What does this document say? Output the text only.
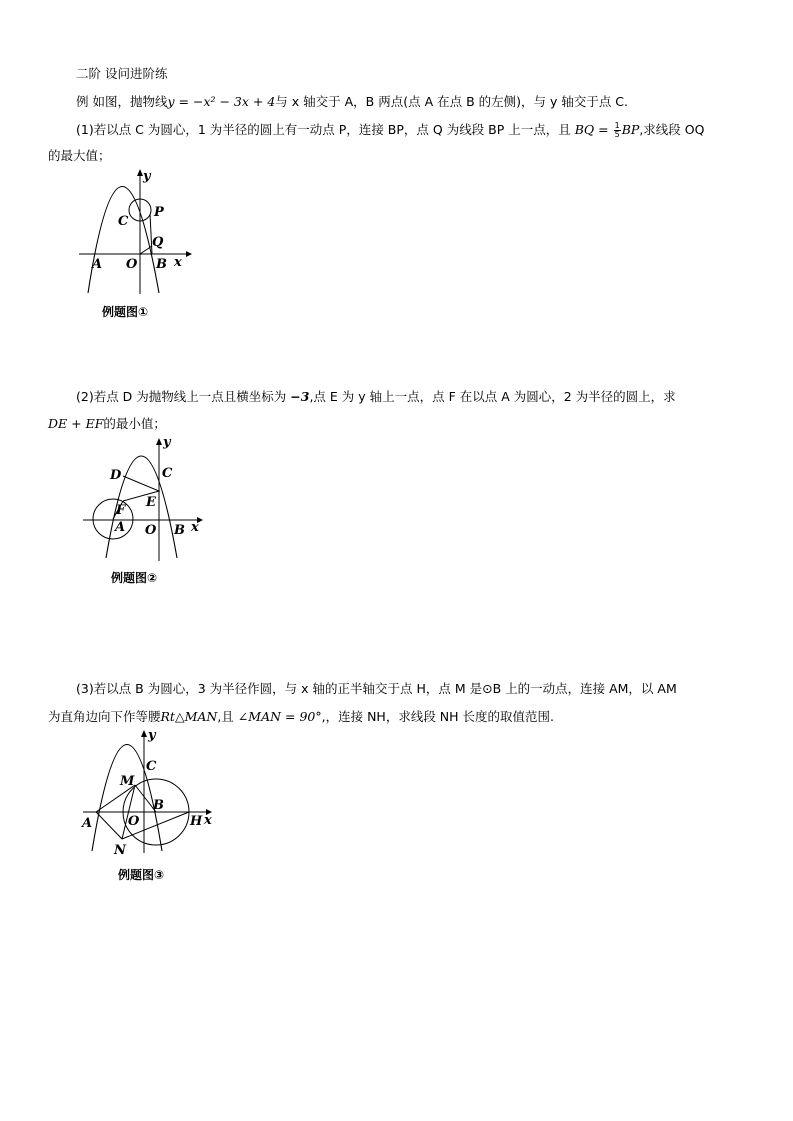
二阶 设问进阶练
例 如图，抛物线y = −x² − 3x + 4与 x 轴交于 A，B 两点(点 A 在点 B 的左侧)，与 y 轴交于点 C.
(1)若以点 C 为圆心，1 为半径的圆上有一动点 P，连接 BP，点 Q 为线段 BP 上一点，且 BQ = $\frac{1}{5}$ BP,求线段 OQ
的最大值；
y
x
C
P
Q
A O B
例题图①
(2)若点 D 为抛物线上一点且横坐标为 −3,点 E 为 y 轴上一点，点 F 在以点 A 为圆心，2 为半径的圆上，求
DE + EF的最小值；
y
x
D	C
E
F
A O B
例题图②
(3)若以点 B 为圆心，3 为半径作圆，与 x 轴的正半轴交于点 H，点 M 是⊙B 上的一动点，连接 AM，以 AM
为直角边向下作等腰Rt△MAN,且 ∠MAN = 90°,，连接 NH，求线段 NH 长度的取值范围.
y
x
M
C
B
A	O	H
N
例题图③
